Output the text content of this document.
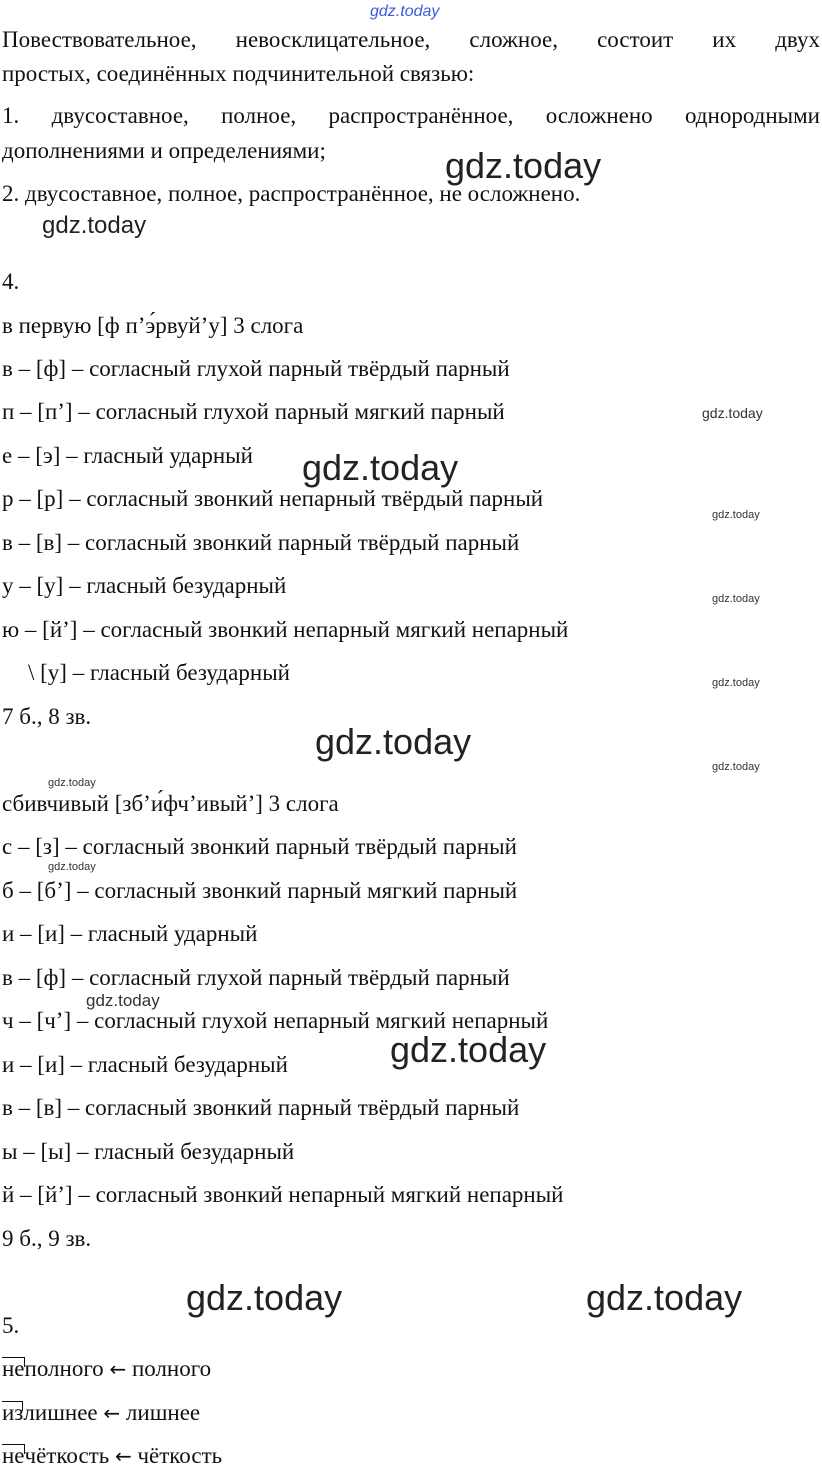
gdz.today
gdz.today
gdz.today
gdz.today
gdz.today
gdz.today
gdz.today
gdz.today
gdz.today
gdz.today
gdz.today
gdz.today
gdz.today
gdz.today
gdz.today	gdz.today
Повествовательное, невосклицательное, сложное, состоит их двух
простых, соединённых подчинительной связью:
1. двусоставное, полное, распространённое, осложнено однородными
дополнениями и определениями;
2. двусоставное, полное, распространённое, не осложнено.
4.
в первую [ф п’э́рвуй’у] 3 слога
в – [ф] – согласный глухой парный твёрдый парный
п – [п’] – согласный глухой парный мягкий парный
е – [э] – гласный ударный
р – [р] – согласный звонкий непарный твёрдый парный
в – [в] – согласный звонкий парный твёрдый парный
у – [у] – гласный безударный
ю – [й’] – согласный звонкий непарный мягкий непарный
\ [у] – гласный безударный
7 б., 8 зв.
сбивчивый [зб’и́фч’ивый’] 3 слога
с – [з] – согласный звонкий парный твёрдый парный
б – [б’] – согласный звонкий парный мягкий парный
и – [и] – гласный ударный
в – [ф] – согласный глухой парный твёрдый парный
ч – [ч’] – согласный глухой непарный мягкий непарный
и – [и] – гласный безударный
в – [в] – согласный звонкий парный твёрдый парный
ы – [ы] – гласный безударный
й – [й’] – согласный звонкий непарный мягкий непарный
9 б., 9 зв.
5.
неполного ← полного
излишнее ← лишнее
нечёткость ← чёткость
